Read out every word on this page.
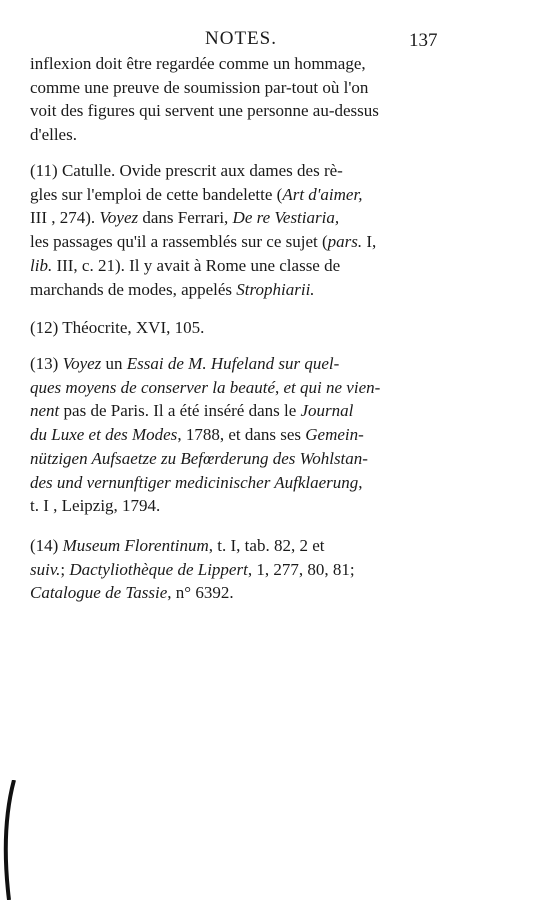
NOTES.	137
inflexion doit être regardée comme un hommage,
comme une preuve de soumission par-tout où l'on
voit des figures qui servent une personne au-dessus
d'elles.
(11) Catulle. Ovide prescrit aux dames des rè-
gles sur l'emploi de cette bandelette (Art d'aimer,
III , 274). Voyez dans Ferrari, De re Vestiaria,
les passages qu'il a rassemblés sur ce sujet (pars. I,
lib. III, c. 21). Il y avait à Rome une classe de
marchands de modes, appelés Strophiarii.
(12) Théocrite, XVI, 105.
(13) Voyez un Essai de M. Hufeland sur quel-
ques moyens de conserver la beauté, et qui ne vien-
nent pas de Paris. Il a été inséré dans le Journal
du Luxe et des Modes, 1788, et dans ses Gemein-
nützigen Aufsaetze zu Befœrderung des Wohlstan-
des und vernunftiger medicinischer Aufklaerung,
t. I , Leipzig, 1794.
(14) Museum Florentinum, t. I, tab. 82, 2 et
suiv.; Dactyliothèque de Lippert, 1, 277, 80, 81;
Catalogue de Tassie, n° 6392.
